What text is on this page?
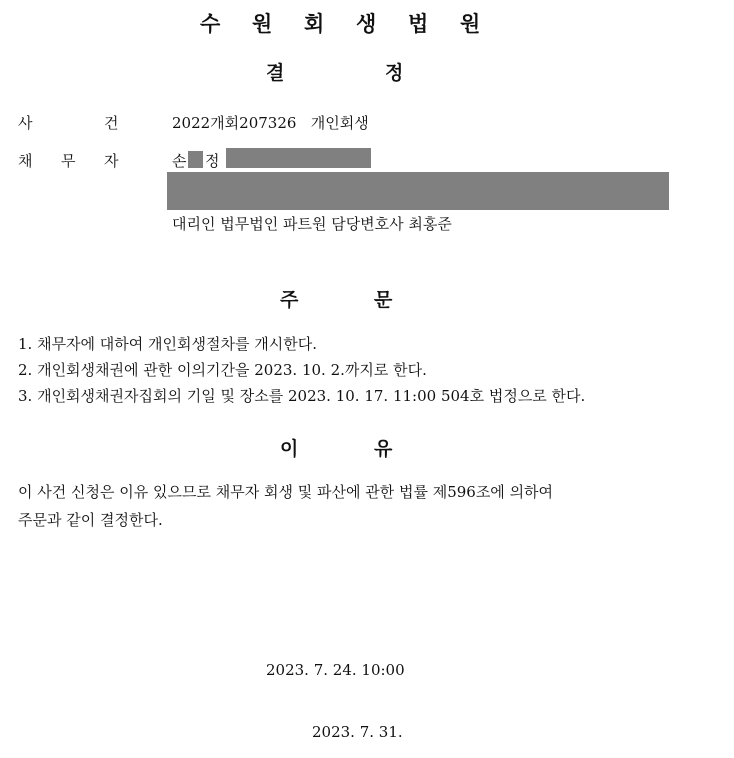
수 원 회 생 법 원
결	정
사	건	2022개회207326   개인회생
채 무 자	손 정
대리인 법무법인 파트원 담당변호사 최홍준
주	문
1. 채무자에 대하여 개인회생절차를 개시한다.
2. 개인회생채권에 관한 이의기간을 2023. 10. 2.까지로 한다.
3. 개인회생채권자집회의 기일 및 장소를 2023. 10. 17. 11:00 504호 법정으로 한다.
이	유
이 사건 신청은 이유 있으므로 채무자 회생 및 파산에 관한 법률 제596조에 의하여
주문과 같이 결정한다.
2023. 7. 24. 10:00
2023. 7. 31.
